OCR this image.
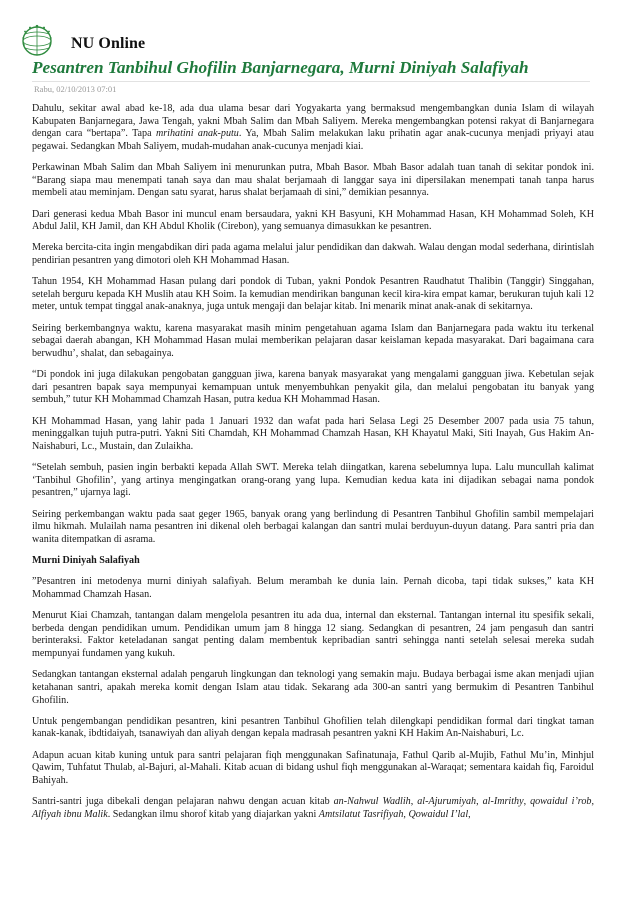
NU Online
Pesantren Tanbihul Ghofilin Banjarnegara, Murni Diniyah Salafiyah
Rabu, 02/10/2013 07:01

Dahulu, sekitar awal abad ke-18, ada dua ulama besar dari Yogyakarta yang bermaksud mengembangkan dunia Islam di wilayah Kabupaten Banjarnegara, Jawa Tengah, yakni Mbah Salim dan Mbah Saliyem. Mereka mengembangkan potensi rakyat di Banjarnegara dengan cara “bertapa”. Tapa mrihatini anak-putu. Ya, Mbah Salim melakukan laku prihatin agar anak-cucunya menjadi priyayi atau pegawai. Sedangkan Mbah Saliyem, mudah-mudahan anak-cucunya menjadi kiai.

Perkawinan Mbah Salim dan Mbah Saliyem ini menurunkan putra, Mbah Basor. Mbah Basor adalah tuan tanah di sekitar pondok ini. “Barang siapa mau menempati tanah saya dan mau shalat berjamaah di langgar saya ini dipersilakan menempati tanah tanpa harus membeli atau meminjam. Dengan satu syarat, harus shalat berjamaah di sini,” demikian pesannya.

Dari generasi kedua Mbah Basor ini muncul enam bersaudara, yakni KH Basyuni, KH Mohammad Hasan, KH Mohammad Soleh, KH Abdul Jalil, KH Jamil, dan KH Abdul Kholik (Cirebon), yang semuanya dimasukkan ke pesantren.

Mereka bercita-cita ingin mengabdikan diri pada agama melalui jalur pendidikan dan dakwah. Walau dengan modal sederhana, dirintislah pendirian pesantren yang dimotori oleh KH Mohammad Hasan.

Tahun 1954, KH Mohammad Hasan pulang dari pondok di Tuban, yakni Pondok Pesantren Raudhatut Thalibin (Tanggir) Singgahan, setelah berguru kepada KH Muslih atau KH Soim. Ia kemudian mendirikan bangunan kecil kira-kira empat kamar, berukuran tujuh kali 12 meter, untuk tempat tinggal anak-anaknya, juga untuk mengaji dan belajar kitab. Ini menarik minat anak-anak di sekitarnya.

Seiring berkembangnya waktu, karena masyarakat masih minim pengetahuan agama Islam dan Banjarnegara pada waktu itu terkenal sebagai daerah abangan, KH Mohammad Hasan mulai memberikan pelajaran dasar keislaman kepada masyarakat. Dari bagaimana cara berwudhu’, shalat, dan sebagainya.

“Di pondok ini juga dilakukan pengobatan gangguan jiwa, karena banyak masyarakat yang mengalami gangguan jiwa. Kebetulan sejak dari pesantren bapak saya mempunyai kemampuan untuk menyembuhkan penyakit gila, dan melalui pengobatan itu banyak yang sembuh,” tutur KH Mohammad Chamzah Hasan, putra kedua KH Mohammad Hasan.

KH Mohammad Hasan, yang lahir pada 1 Januari 1932 dan wafat pada hari Selasa Legi 25 Desember 2007 pada usia 75 tahun, meninggalkan tujuh putra-putri. Yakni Siti Chamdah, KH Mohammad Chamzah Hasan, KH Khayatul Maki, Siti Inayah, Gus Hakim An-Naishaburi, Lc., Mustain, dan Zulaikha.

“Setelah sembuh, pasien ingin berbakti kepada Allah SWT. Mereka telah diingatkan, karena sebelumnya lupa. Lalu muncullah kalimat ‘Tanbihul Ghofilin’, yang artinya mengingatkan orang-orang yang lupa. Kemudian kedua kata ini dijadikan sebagai nama pondok pesantren,” ujarnya lagi.

Seiring perkembangan waktu pada saat geger 1965, banyak orang yang berlindung di Pesantren Tanbihul Ghofilin sambil mempelajari ilmu hikmah. Mulailah nama pesantren ini dikenal oleh berbagai kalangan dan santri mulai berduyun-duyun datang. Para santri pria dan wanita ditempatkan di asrama.

Murni Diniyah Salafiyah

”Pesantren ini metodenya murni diniyah salafiyah. Belum merambah ke dunia lain. Pernah dicoba, tapi tidak sukses,” kata KH Mohammad Chamzah Hasan.

Menurut Kiai Chamzah, tantangan dalam mengelola pesantren itu ada dua, internal dan eksternal. Tantangan internal itu spesifik sekali, berbeda dengan pendidikan umum. Pendidikan umum jam 8 hingga 12 siang. Sedangkan di pesantren, 24 jam pengasuh dan santri berinteraksi. Faktor keteladanan sangat penting dalam membentuk kepribadian santri sehingga nanti setelah selesai mereka sudah mempunyai fundamen yang kukuh.

Sedangkan tantangan eksternal adalah pengaruh lingkungan dan teknologi yang semakin maju. Budaya berbagai isme akan menjadi ujian ketahanan santri, apakah mereka komit dengan Islam atau tidak. Sekarang ada 300-an santri yang bermukim di Pesantren Tanbihul Ghofilin.

Untuk pengembangan pendidikan pesantren, kini pesantren Tanbihul Ghofilien telah dilengkapi pendidikan formal dari tingkat taman kanak-kanak, ibdtidaiyah, tsanawiyah dan aliyah dengan kepala madrasah pesantren yakni KH Hakim An-Naishaburi, Lc.

Adapun acuan kitab kuning untuk para santri pelajaran fiqh menggunakan Safinatunaja, Fathul Qarib al-Mujib, Fathul Mu’in, Minhjul Qawim, Tuhfatut Thulab, al-Bajuri, al-Mahali. Kitab acuan di bidang ushul fiqh menggunakan al-Waraqat; sementara kaidah fiq, Faroidul Bahiyah.

Santri-santri juga dibekali dengan pelajaran nahwu dengan acuan kitab an-Nahwul Wadlih, al-Ajurumiyah, al-Imrithy, qowaidul i’rob, Alfiyah ibnu Malik. Sedangkan ilmu shorof kitab yang diajarkan yakni Amtsilatut Tasrifiyah, Qowaidul I’lal,
